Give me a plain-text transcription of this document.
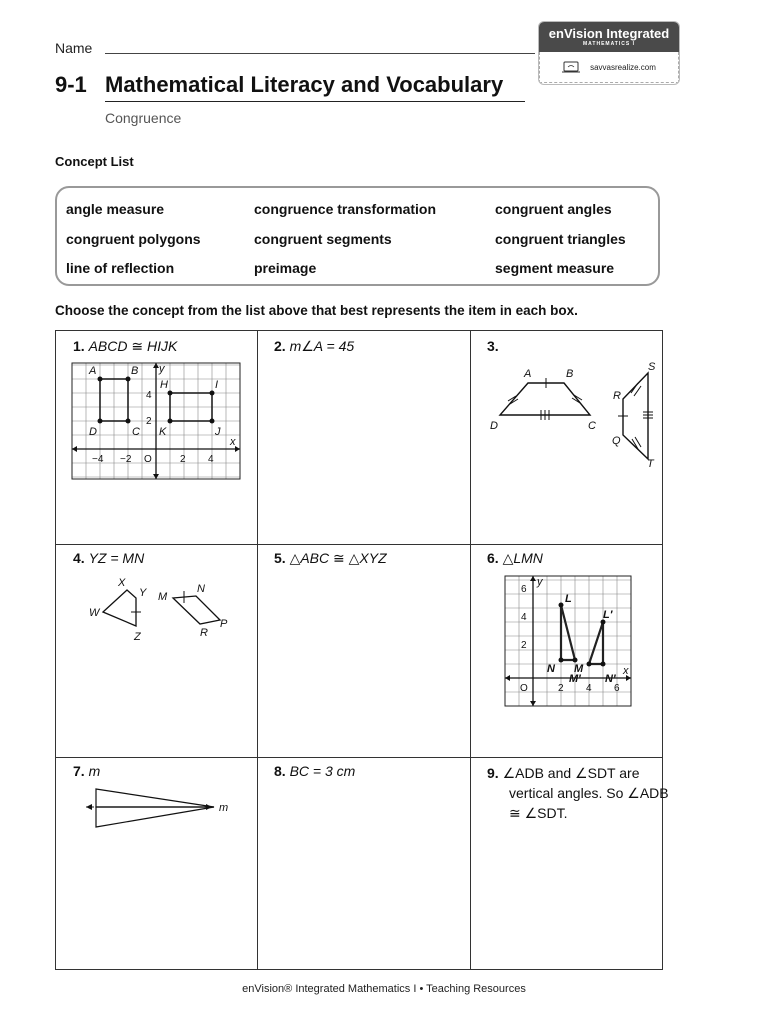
Name
enVision Integrated
MATHEMATICS I
savvasrealize.com
9-1 Mathematical Literacy and Vocabulary
Congruence
Concept List
angle measure	congruence transformation	congruent angles
congruent polygons	congruent segments	congruent triangles
line of reflection	preimage	segment measure
Choose the concept from the list above that best represents the item in each box.
1. ABCD ≅ HIJK
A	B
C
D
H	I
J
K
x
y
O
−4 −2	2 4
4
2
2. m∠A = 45	3.
A	B
C
D
R
S
T
Q
4. YZ = MN
X
Y
W
Z
M
N
R
P
5. △ABC ≅ △XYZ	6. △LMN
L
N M
L′
M′ N′
x
y
O
6
4
2
2 4 6
7. m
m
8. BC = 3 cm	9. ∠ADB and ∠SDT are vertical angles. So ∠ADB ≅ ∠SDT.
enVision® Integrated Mathematics I • Teaching Resources
